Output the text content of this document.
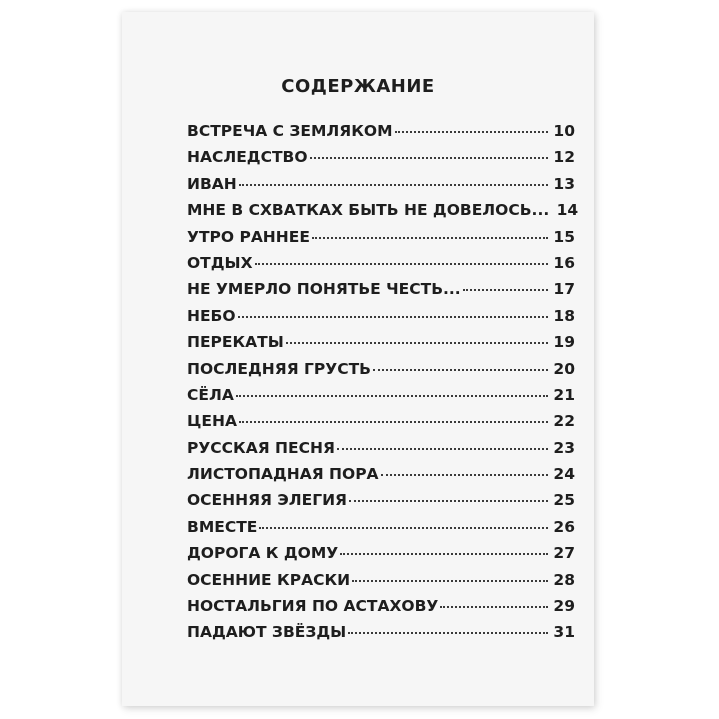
СОДЕРЖАНИЕ
ВСТРЕЧА С ЗЕМЛЯКОМ	10
НАСЛЕДСТВО	12
ИВАН	13
МНЕ В СХВАТКАХ БЫТЬ НЕ ДОВЕЛОСЬ... 14
УТРО РАННЕЕ	15
ОТДЫХ	16
НЕ УМЕРЛО ПОНЯТЬЕ ЧЕСТЬ...	17
НЕБО	18
ПЕРЕКАТЫ	19
ПОСЛЕДНЯЯ ГРУСТЬ	20
СЁЛА	21
ЦЕНА	22
РУССКАЯ ПЕСНЯ	23
ЛИСТОПАДНАЯ ПОРА	24
ОСЕННЯЯ ЭЛЕГИЯ	25
ВМЕСТЕ	26
ДОРОГА К ДОМУ	27
ОСЕННИЕ КРАСКИ	28
НОСТАЛЬГИЯ ПО АСТАХОВУ	29
ПАДАЮТ ЗВЁЗДЫ	31
